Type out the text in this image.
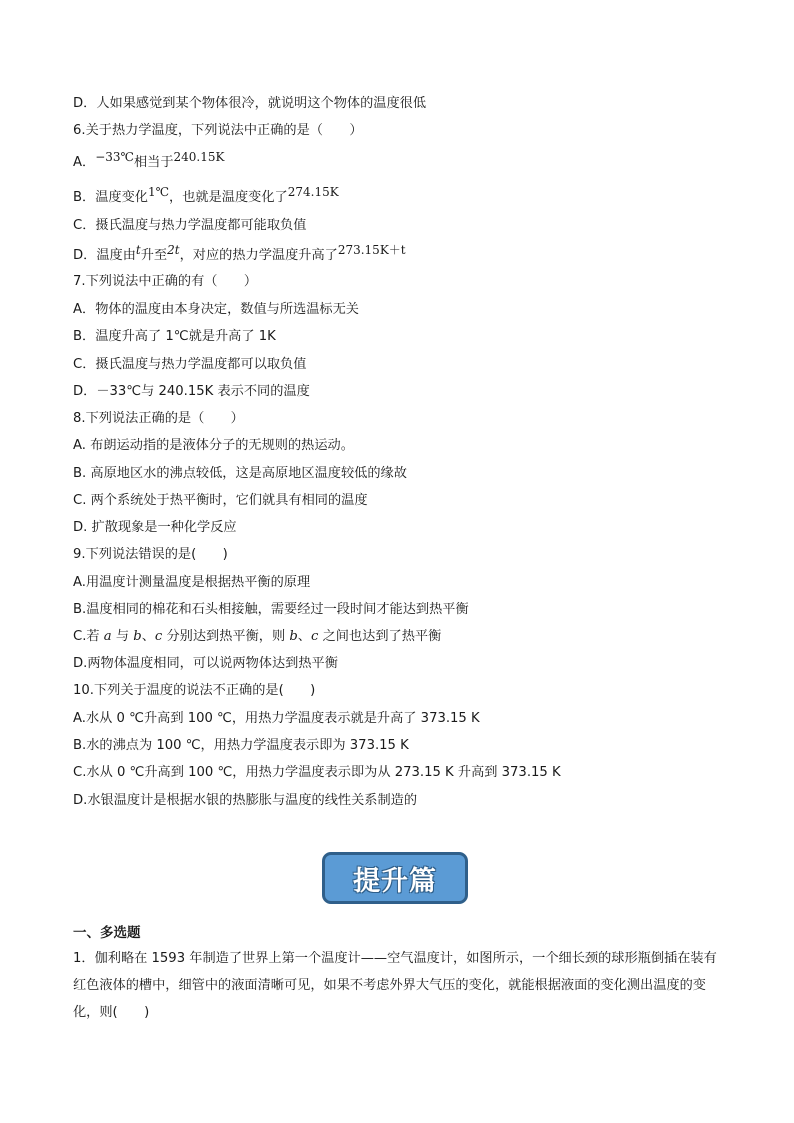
D．人如果感觉到某个物体很冷，就说明这个物体的温度很低
6.关于热力学温度，下列说法中正确的是（　　）
A．−33℃相当于240.15K
B．温度变化1℃，也就是温度变化了274.15K
C．摄氏温度与热力学温度都可能取负值
D．温度由t升至2t，对应的热力学温度升高了273.15K＋t
7.下列说法中正确的有（　　）
A．物体的温度由本身决定，数值与所选温标无关
B．温度升高了 1℃就是升高了 1K
C．摄氏温度与热力学温度都可以取负值
D．－33℃与 240.15K 表示不同的温度
8.下列说法正确的是（　　）
A. 布朗运动指的是液体分子的无规则的热运动。
B. 高原地区水的沸点较低，这是高原地区温度较低的缘故
C. 两个系统处于热平衡时，它们就具有相同的温度
D. 扩散现象是一种化学反应
9.下列说法错误的是(　　)
A.用温度计测量温度是根据热平衡的原理
B.温度相同的棉花和石头相接触，需要经过一段时间才能达到热平衡
C.若 a 与 b、c 分别达到热平衡，则 b、c 之间也达到了热平衡
D.两物体温度相同，可以说两物体达到热平衡
10.下列关于温度的说法不正确的是(　　)
A.水从 0 ℃升高到 100 ℃，用热力学温度表示就是升高了 373.15 K
B.水的沸点为 100 ℃，用热力学温度表示即为 373.15 K
C.水从 0 ℃升高到 100 ℃，用热力学温度表示即为从 273.15 K 升高到 373.15 K
D.水银温度计是根据水银的热膨胀与温度的线性关系制造的
提升篇
一、多选题
1．伽利略在 1593 年制造了世界上第一个温度计——空气温度计，如图所示，一个细长颈的球形瓶倒插在装有红色液体的槽中，细管中的液面清晰可见，如果不考虑外界大气压的变化，就能根据液面的变化测出温度的变化，则(　　)
